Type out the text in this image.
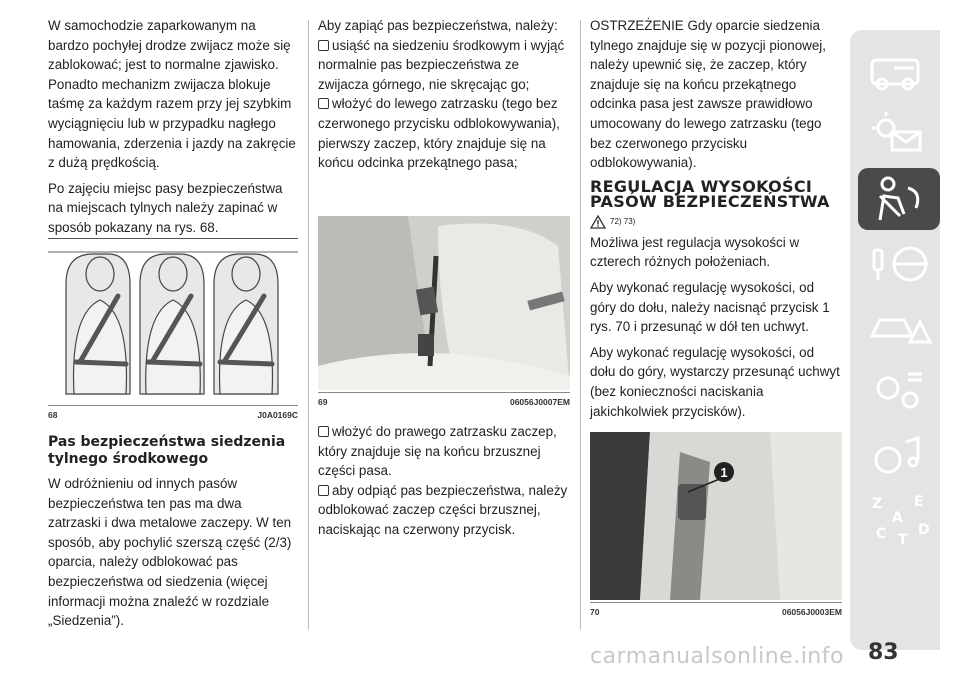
W samochodzie zaparkowanym na bardzo pochyłej drodze zwijacz może się zablokować; jest to normalne zjawisko. Ponadto mechanizm zwijacza blokuje taśmę za każdym razem przy jej szybkim wyciągnięciu lub w przypadku nagłego hamowania, zderzenia i jazdy na zakręcie z dużą prędkością.

Po zajęciu miejsc pasy bezpieczeństwa na miejscach tylnych należy zapinać w sposób pokazany na rys. 68.

68	J0A0169C
Pas bezpieczeństwa siedzenia tylnego środkowego

W odróżnieniu od innych pasów bezpieczeństwa ten pas ma dwa zatrzaski i dwa metalowe zaczepy. W ten sposób, aby pochylić szerszą część (2/3) oparcia, należy odblokować pas bezpieczeństwa od siedzenia (więcej informacji można znaleźć w rozdziale „Siedzenia”).

Aby zapiąć pas bezpieczeństwa, należy:

usiąść na siedzeniu środkowym i wyjąć normalnie pas bezpieczeństwa ze zwijacza górnego, nie skręcając go;

włożyć do lewego zatrzasku (tego bez czerwonego przycisku odblokowywania), pierwszy zaczep, który znajduje się na końcu odcinka przekątnego pasa;

69	06056J0007EM

włożyć do prawego zatrzasku zaczep, który znajduje się na końcu brzusznej części pasa.

aby odpiąć pas bezpieczeństwa, należy odblokować zaczep części brzusznej, naciskając na czerwony przycisk.

OSTRZEŻENIE Gdy oparcie siedzenia tylnego znajduje się w pozycji pionowej, należy upewnić się, że zaczep, który znajduje się na końcu przekątnego odcinka pasa jest zawsze prawidłowo umocowany do lewego zatrzasku (tego bez czerwonego przycisku odblokowywania).

REGULACJA WYSOKOŚCI PASÓW BEZPIECZEŃSTWA
72) 73)

Możliwa jest regulacja wysokości w czterech różnych położeniach.

Aby wykonać regulację wysokości, od góry do dołu, należy nacisnąć przycisk 1 rys. 70 i przesunąć w dół ten uchwyt.

Aby wykonać regulację wysokości, od dołu do góry, wystarczy przesunąć uchwyt (bez konieczności naciskania jakichkolwiek przycisków).

1
70	06056J0003EM
Z E
A
C D
T
carmanualsonline.info 83
